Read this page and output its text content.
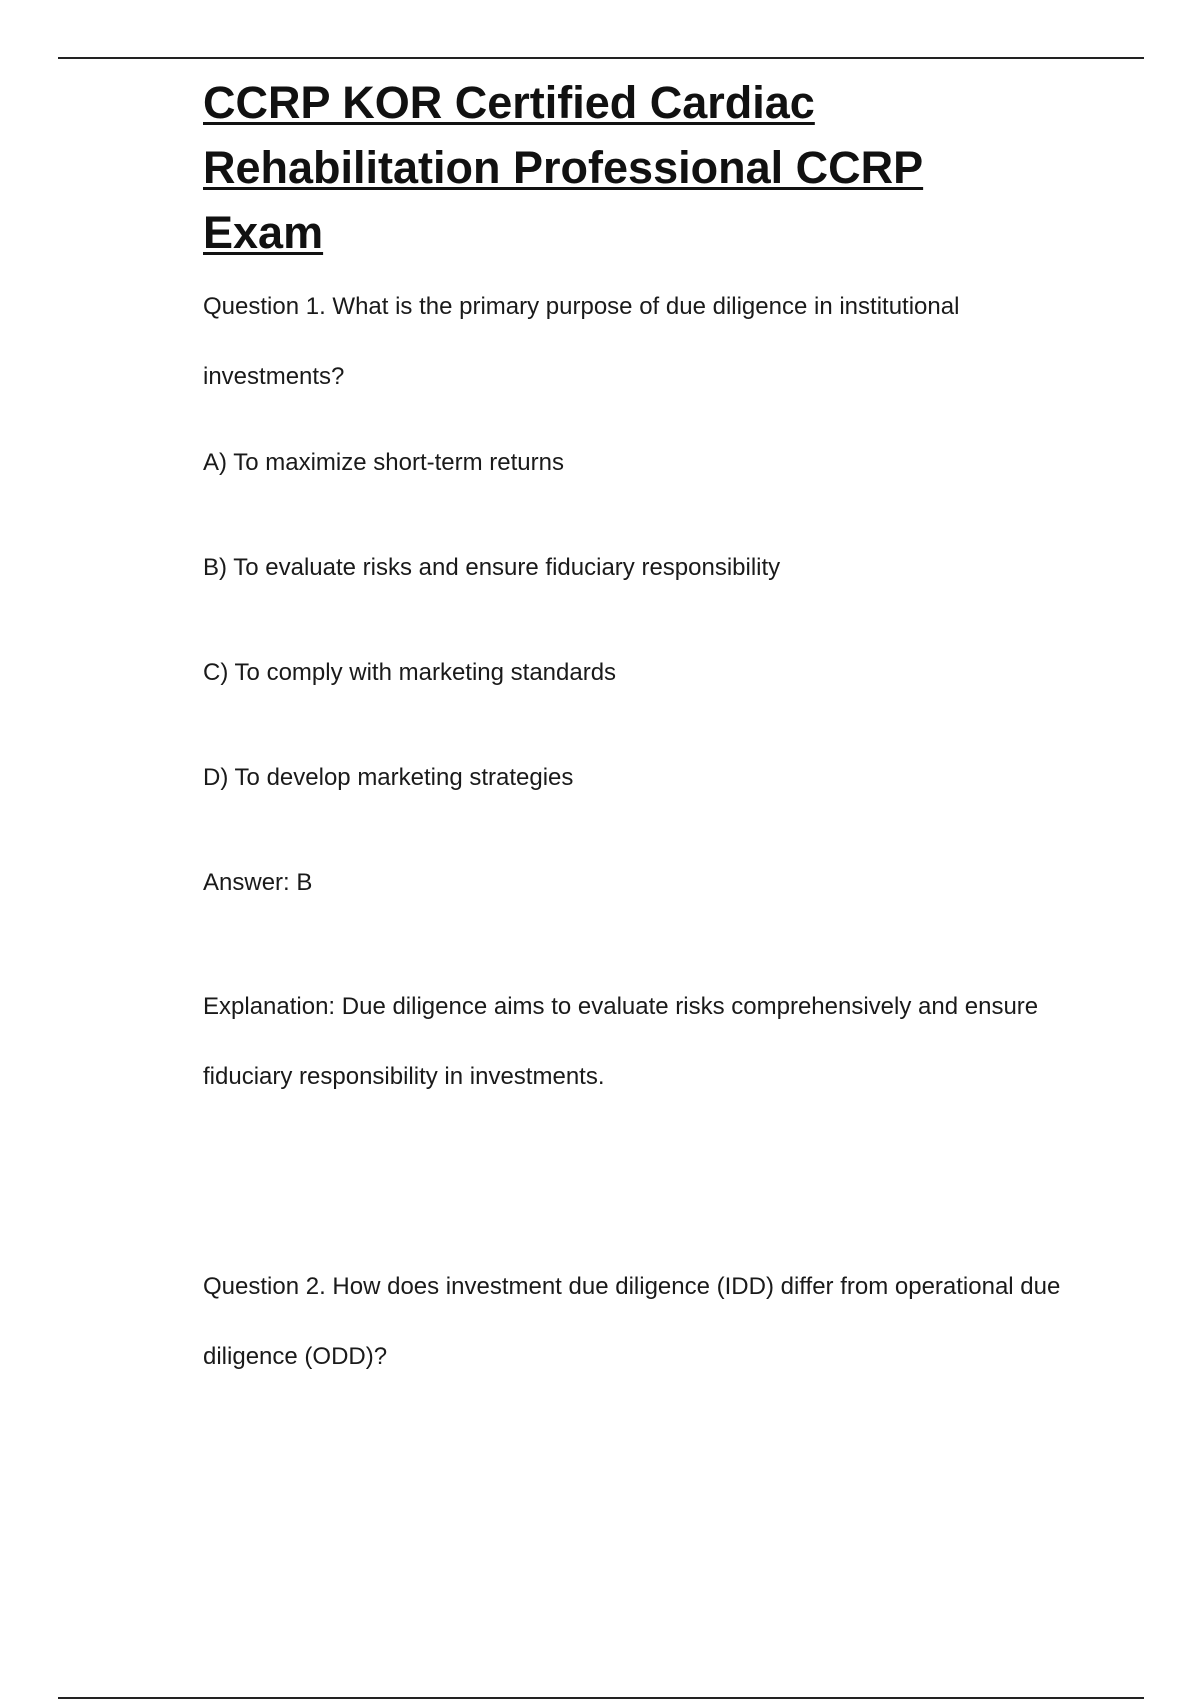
CCRP KOR Certified Cardiac Rehabilitation Professional CCRP Exam

Question 1. What is the primary purpose of due diligence in institutional investments?

A) To maximize short-term returns

B) To evaluate risks and ensure fiduciary responsibility

C) To comply with marketing standards

D) To develop marketing strategies

Answer: B

Explanation: Due diligence aims to evaluate risks comprehensively and ensure fiduciary responsibility in investments.

Question 2. How does investment due diligence (IDD) differ from operational due diligence (ODD)?
